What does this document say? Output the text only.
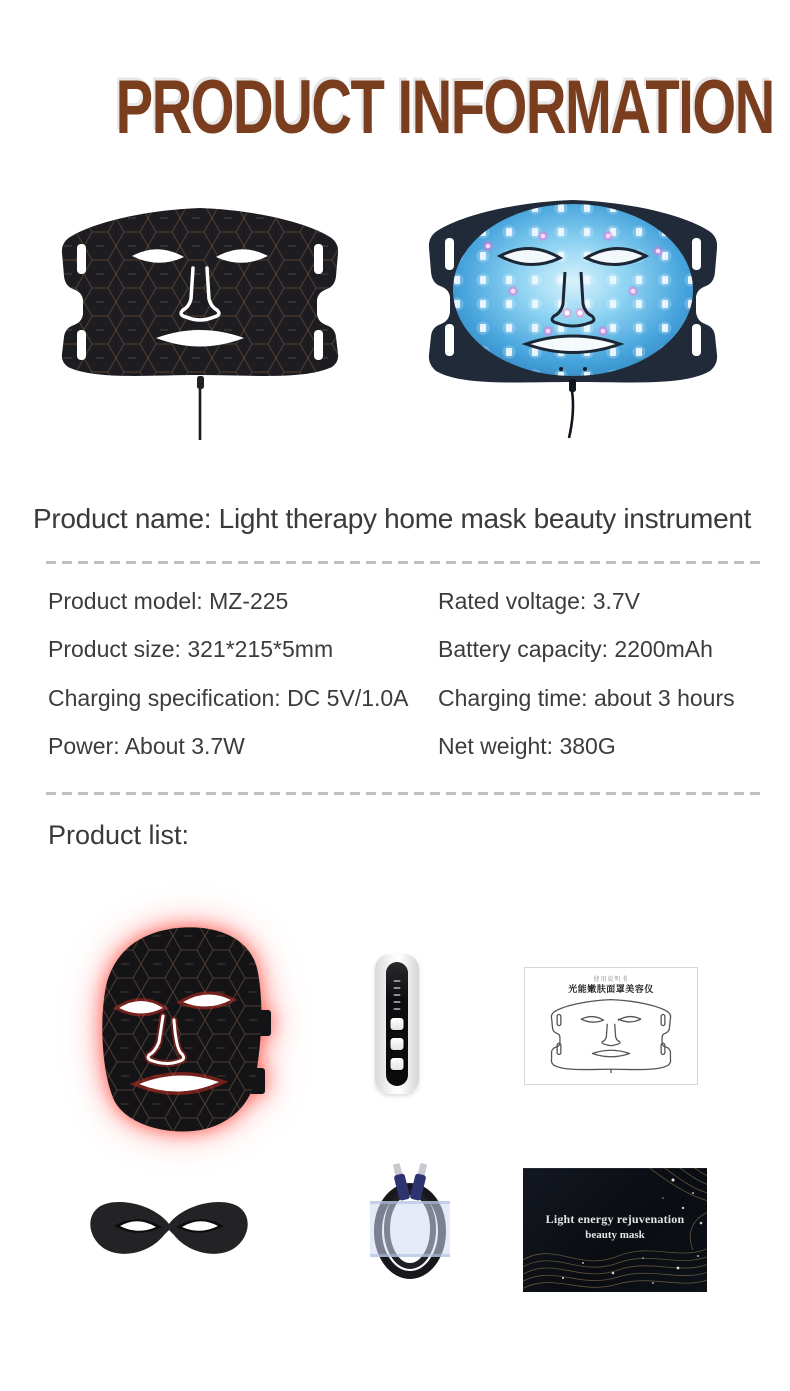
PRODUCT INFORMATION
Product name: Light therapy home mask beauty instrument
Product model: MZ-225
Product size: 321*215*5mm
Charging specification: DC 5V/1.0A
Power: About 3.7W
Rated voltage: 3.7V
Battery capacity: 2200mAh
Charging time: about 3 hours
Net weight: 380G
Product list:
使用说明书
光能嫩肤面罩美容仪
Light energy rejuvenation
beauty mask
